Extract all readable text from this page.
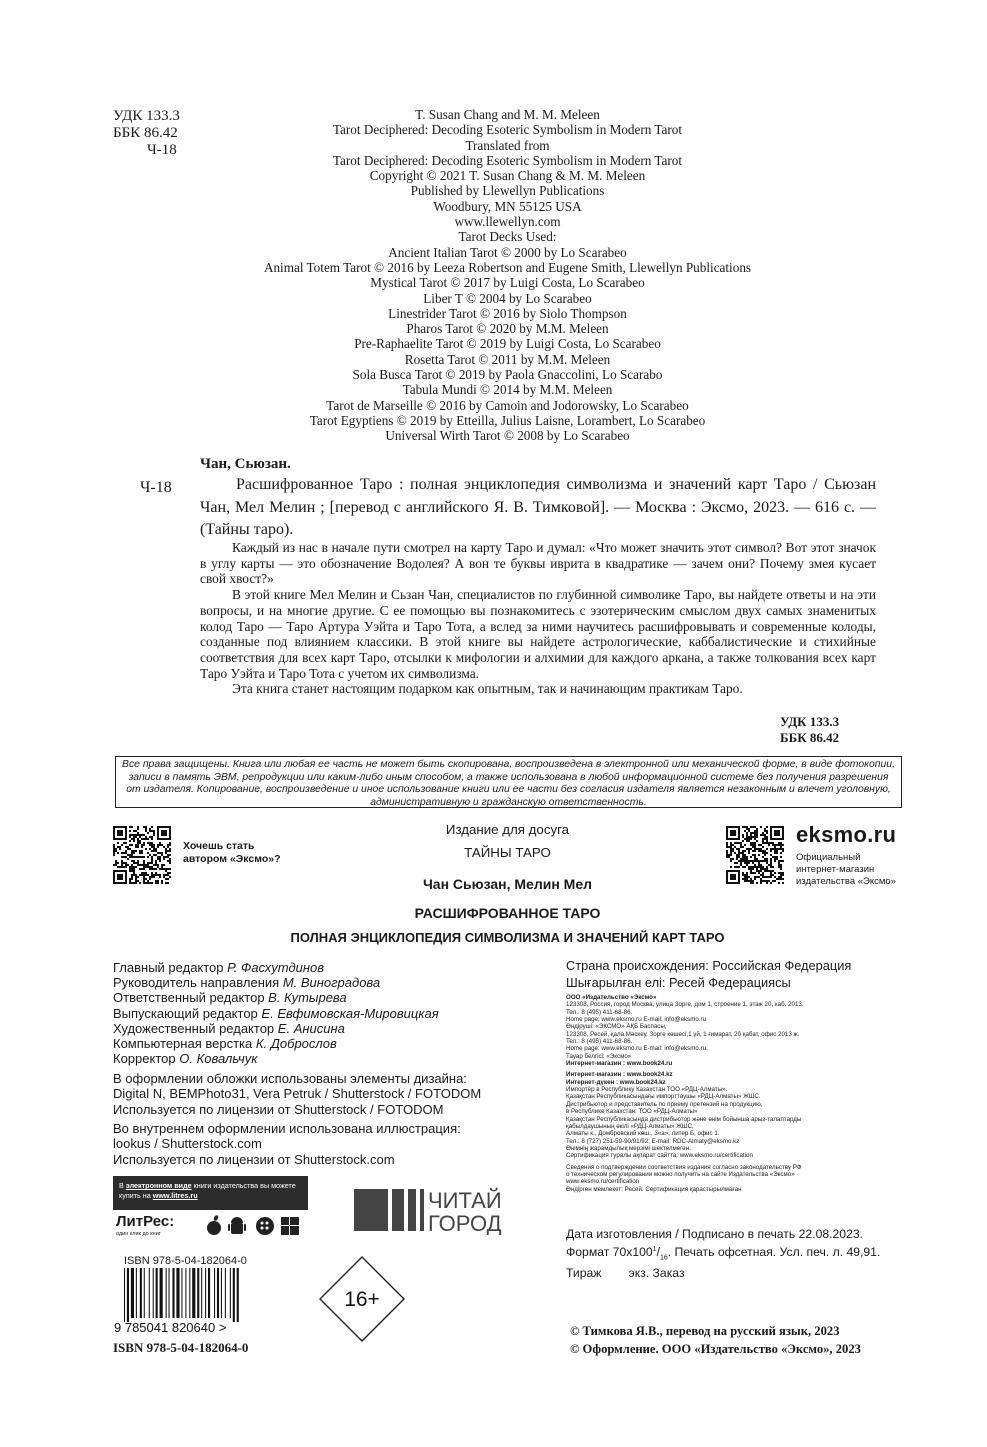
УДК 133.3
ББК 86.42
Ч-18
T. Susan Chang and M. M. Meleen
Tarot Deciphered: Decoding Esoteric Symbolism in Modern Tarot
Translated from
Tarot Deciphered: Decoding Esoteric Symbolism in Modern Tarot
Copyright © 2021 T. Susan Chang & M. M. Meleen
Published by Llewellyn Publications
Woodbury, MN 55125 USA
www.llewellyn.com
Tarot Decks Used:
Ancient Italian Tarot © 2000 by Lo Scarabeo
Animal Totem Tarot © 2016 by Leeza Robertson and Eugene Smith, Llewellyn Publications
Mystical Tarot © 2017 by Luigi Costa, Lo Scarabeo
Liber T © 2004 by Lo Scarabeo
Linestrider Tarot © 2016 by Siolo Thompson
Pharos Tarot © 2020 by M.M. Meleen
Pre-Raphaelite Tarot © 2019 by Luigi Costa, Lo Scarabeo
Rosetta Tarot © 2011 by M.M. Meleen
Sola Busca Tarot © 2019 by Paola Gnaccolini, Lo Scarabo
Tabula Mundi © 2014 by M.M. Meleen
Tarot de Marseille © 2016 by Camoin and Jodorowsky, Lo Scarabeo
Tarot Egyptiens © 2019 by Etteilla, Julius Laisne, Lorambert, Lo Scarabeo
Universal Wirth Tarot © 2008 by Lo Scarabeo
Чан, Сьюзан.
Ч-18	Расшифрованное Таро : полная энциклопедия символизма и значений карт Таро / Сьюзан Чан, Мел Мелин ; [перевод с английского Я. В. Тимковой]. — Москва : Эксмо, 2023. — 616 с. — (Тайны таро).

Каждый из нас в начале пути смотрел на карту Таро и думал: «Что может значить этот символ? Вот этот значок в углу карты — это обозначение Водолея? А вон те буквы иврита в квадратике — зачем они? Почему змея кусает свой хвост?»

В этой книге Мел Мелин и Сьзан Чан, специалистов по глубинной символике Таро, вы найдете ответы и на эти вопросы, и на многие другие. С ее помощью вы познакомитесь с эзотерическим смыслом двух самых знаменитых колод Таро — Таро Артура Уэйта и Таро Тота, а вслед за ними научитесь расшифровывать и современные колоды, созданные под влиянием классики. В этой книге вы найдете астрологические, каббалистические и стихийные соответствия для всех карт Таро, отсылки к мифологии и алхимии для каждого аркана, а также толкования всех карт Таро Уэйта и Таро Тота с учетом их символизма.

Эта книга станет настоящим подарком как опытным, так и начинающим практикам Таро.

УДК 133.3
ББК 86.42
Все права защищены. Книга или любая ее часть не может быть скопирована, воспроизведена в электронной или механической форме, в виде фотокопии, записи в память ЭВМ, репродукции или каким-либо иным способом, а также использована в любой информационной системе без получения разрешения от издателя. Копирование, воспроизведение и иное использование книги или ее части без согласия издателя является незаконным и влечет уголовную, административную и гражданскую ответственность.
Хочешь стать
автором «Эксмо»?
eksmo.ru
Официальный
интернет-магазин
издательства «Эксмо»
Издание для досуга
ТАЙНЫ ТАРО
Чан Сьюзан, Мелин Мел
РАСШИФРОВАННОЕ ТАРО
ПОЛНАЯ ЭНЦИКЛОПЕДИЯ СИМВОЛИЗМА И ЗНАЧЕНИЙ КАРТ ТАРО
Главный редактор Р. Фасхутдинов
Руководитель направления М. Виноградова
Ответственный редактор В. Кутырева
Выпускающий редактор Е. Евфимовская-Мировицкая
Художественный редактор Е. Анисина
Компьютерная верстка К. Доброслов
Корректор О. Ковальчук
В оформлении обложки использованы элементы дизайна:
Digital N, BEMPhoto31, Vera Petruk / Shutterstock / FOTODOM
Используется по лицензии от Shutterstock / FOTODOM
Во внутреннем оформлении использована иллюстрация:
lookus / Shutterstock.com
Используется по лицензии от Shutterstock.com
Страна происхождения: Российская Федерация
Шығарылған елі: Ресей Федерациясы
ООО «Издательство «Эксмо»
123308, Россия, город Москва, улица Зорге, дом 1, строение 1, этаж 20, каб. 2013.
Тел.: 8 (495) 411-68-86.
Home page: www.eksmo.ru E-mail: info@eksmo.ru
Өндіруші: «ЭКСМО» АҚБ Баспасы,
123308, Ресей, қала Мәскеу, Зорге көшесі,1 үй, 1 ғимарат, 20 қабат, офис 2013 ж.
Тел.: 8 (495) 411-68-86.
Home page: www.eksmo.ru E-mail: info@eksmo.ru.
Тауар белгісі: «Эксмо»
Интернет-магазин : www.book24.ru
Интернет-магазин : www.book24.kz
Интернет-дүкен : www.book24.kz
Импортёр в Республику Казахстан ТОО «РДЦ-Алматы».
Қазақстан Республикасындағы импорттаушы «РДЦ-Алматы» ЖШС.
Дистрибьютор и представитель по приему претензий на продукцию,
в Республике Казахстан: ТОО «РДЦ-Алматы»
Қазақстан Республикасында дистрибьютор және өнім бойынша арыз-талаптарды
қабылдаушының өкілі «РДЦ-Алматы» ЖШС,
Алматы к., Домбровский көш., 3«а», литер Б, офис 1.
Тел.: 8 (727) 251-59-90/91/92; E-mail: RDC-Almaty@eksmo.kz
Өнімнің жарамдылық мерзімі шектелмеген.
Сертификация туралы ақпарат сайтта: www.eksmo.ru/certification
Сведения о подтверждении соответствия издания согласно законодательству РФ
о техническом регулировании можно получить на сайте Издательства «Эксмо»
www.eksmo.ru/certification
Өндірген мемлекет: Ресей. Сертификация қарастырылмаған
Дата изготовления / Подписано в печать 22.08.2023.
Формат $70х100^1/_{16}$. Печать офсетная. Усл. печ. л. 49,91.
Тираж        экз. Заказ
В электронном виде книги издательства вы можете купить на www.litres.ru
ЛитРес:
один клик до книг
ЧИТАЙ
ГОРОД
ISBN 978-5-04-182064-0
9 785041 820640 >
ISBN 978-5-04-182064-0
16+
© Тимкова Я.В., перевод на русский язык, 2023
© Оформление. ООО «Издательство «Эксмо», 2023
